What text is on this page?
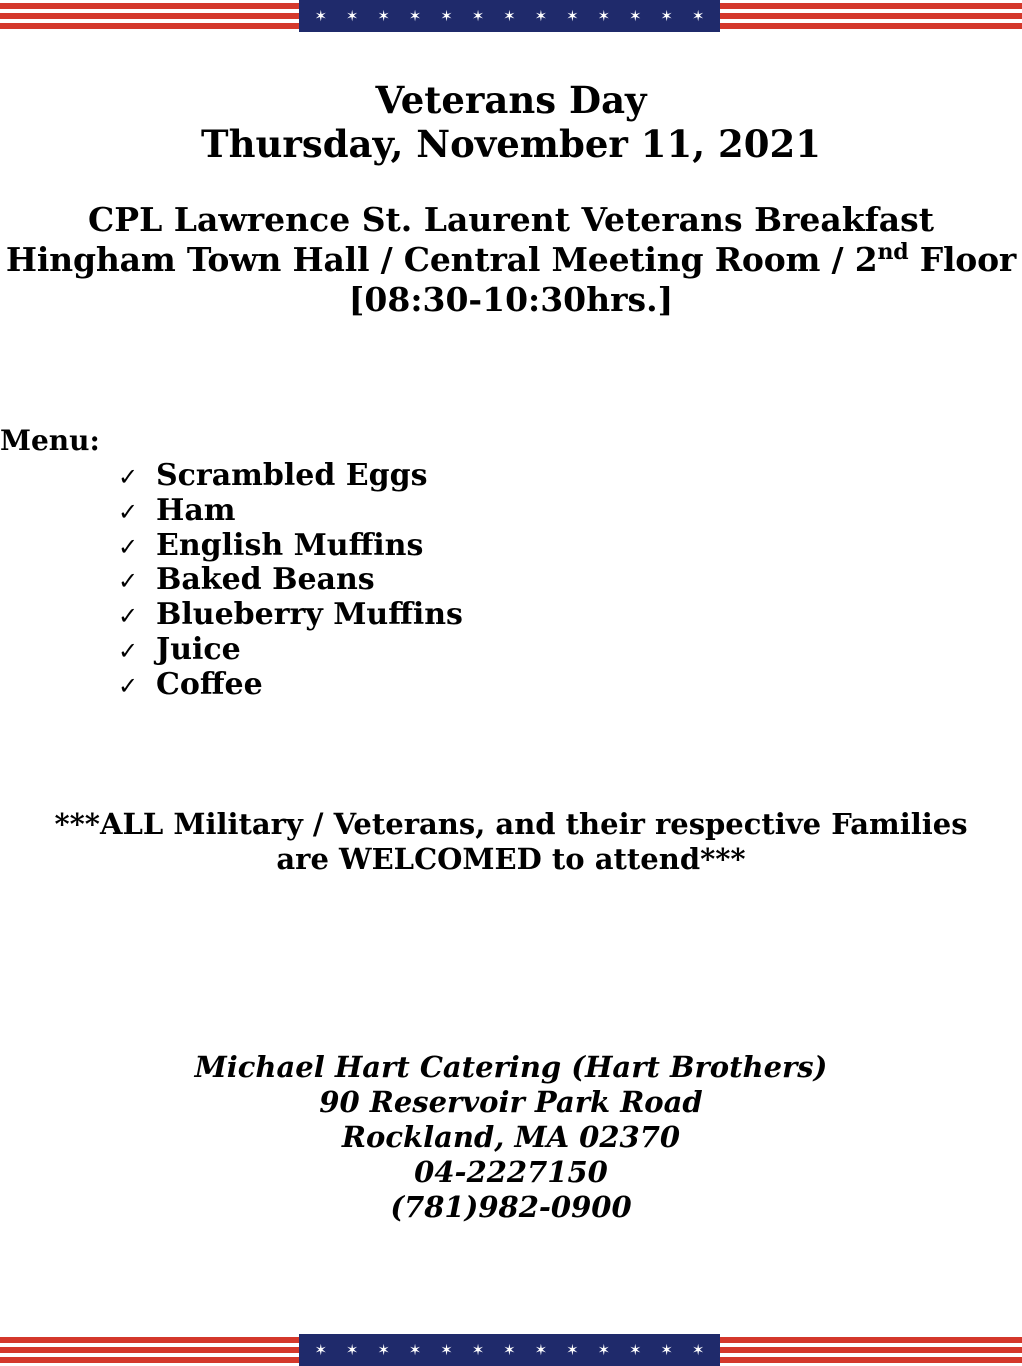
✶ ✶ ✶ ✶ ✶ ✶ ✶ ✶ ✶ ✶ ✶ ✶ ✶
Veterans Day
Thursday, November 11, 2021
CPL Lawrence St. Laurent Veterans Breakfast
Hingham Town Hall / Central Meeting Room / 2nd Floor
[08:30-10:30hrs.]
Menu:
✓ Scrambled Eggs
✓ Ham
✓ English Muffins
✓ Baked Beans
✓ Blueberry Muffins
✓ Juice
✓ Coffee
***ALL Military / Veterans, and their respective Families
are WELCOMED to attend***
Michael Hart Catering (Hart Brothers)
90 Reservoir Park Road
Rockland, MA 02370
04-2227150
(781)982-0900
✶ ✶ ✶ ✶ ✶ ✶ ✶ ✶ ✶ ✶ ✶ ✶ ✶
